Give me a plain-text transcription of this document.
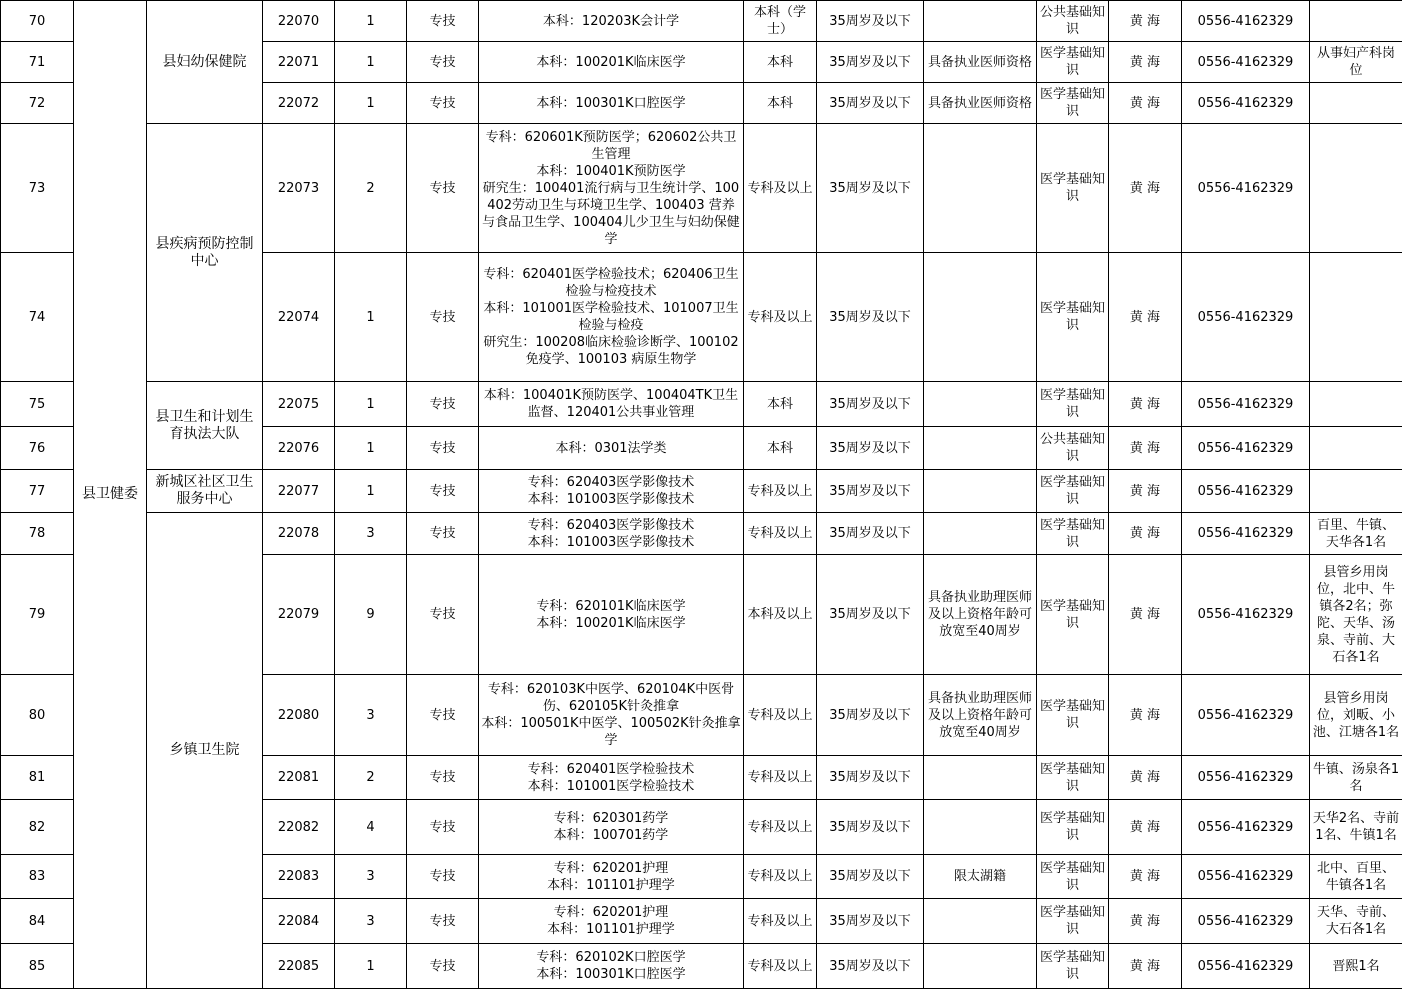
70	县卫健委	县妇幼保健院	22070	1	专技	本科：120203K会计学	本科（学士）	35周岁及以下		公共基础知识	黄 海	0556-4162329	
71			22071	1	专技	本科：100201K临床医学	本科	35周岁及以下	具备执业医师资格	医学基础知识	黄 海	0556-4162329	从事妇产科岗位
72			22072	1	专技	本科：100301K口腔医学	本科	35周岁及以下	具备执业医师资格	医学基础知识	黄 海	0556-4162329	
73		县疾病预防控制中心	22073	2	专技	专科：620601K预防医学；620602公共卫生管理
本科：100401K预防医学
研究生：100401流行病与卫生统计学、100402劳动卫生与环境卫生学、100403 营养与食品卫生学、100404儿少卫生与妇幼保健学	专科及以上	35周岁及以下		医学基础知识	黄 海	0556-4162329	
74			22074	1	专技	专科：620401医学检验技术；620406卫生检验与检疫技术
本科：101001医学检验技术、101007卫生检验与检疫
研究生：100208临床检验诊断学、100102免疫学、100103 病原生物学	专科及以上	35周岁及以下		医学基础知识	黄 海	0556-4162329	
75		县卫生和计划生育执法大队	22075	1	专技	本科：100401K预防医学、100404TK卫生监督、120401公共事业管理	本科	35周岁及以下		医学基础知识	黄 海	0556-4162329	
76			22076	1	专技	本科：0301法学类	本科	35周岁及以下		公共基础知识	黄 海	0556-4162329	
77		新城区社区卫生服务中心	22077	1	专技	专科：620403医学影像技术
本科：101003医学影像技术	专科及以上	35周岁及以下		医学基础知识	黄 海	0556-4162329	
78		乡镇卫生院	22078	3	专技	专科：620403医学影像技术
本科：101003医学影像技术	专科及以上	35周岁及以下		医学基础知识	黄 海	0556-4162329	百里、牛镇、天华各1名
79			22079	9	专技	专科：620101K临床医学
本科：100201K临床医学	本科及以上	35周岁及以下	具备执业助理医师及以上资格年龄可放宽至40周岁	医学基础知识	黄 海	0556-4162329	县管乡用岗位，北中、牛镇各2名；弥陀、天华、汤泉、寺前、大石各1名
80			22080	3	专技	专科：620103K中医学、620104K中医骨伤、620105K针灸推拿
本科：100501K中医学、100502K针灸推拿学	专科及以上	35周岁及以下	具备执业助理医师及以上资格年龄可放宽至40周岁	医学基础知识	黄 海	0556-4162329	县管乡用岗位，刘畈、小池、江塘各1名
81			22081	2	专技	专科：620401医学检验技术
本科：101001医学检验技术	专科及以上	35周岁及以下		医学基础知识	黄 海	0556-4162329	牛镇、汤泉各1名
82			22082	4	专技	专科：620301药学
本科：100701药学	专科及以上	35周岁及以下		医学基础知识	黄 海	0556-4162329	天华2名、寺前1名、牛镇1名
83			22083	3	专技	专科：620201护理
本科：101101护理学	专科及以上	35周岁及以下	限太湖籍	医学基础知识	黄 海	0556-4162329	北中、百里、牛镇各1名
84			22084	3	专技	专科：620201护理
本科：101101护理学	专科及以上	35周岁及以下		医学基础知识	黄 海	0556-4162329	天华、寺前、大石各1名
85			22085	1	专技	专科：620102K口腔医学
本科：100301K口腔医学	专科及以上	35周岁及以下		医学基础知识	黄 海	0556-4162329	晋熙1名
